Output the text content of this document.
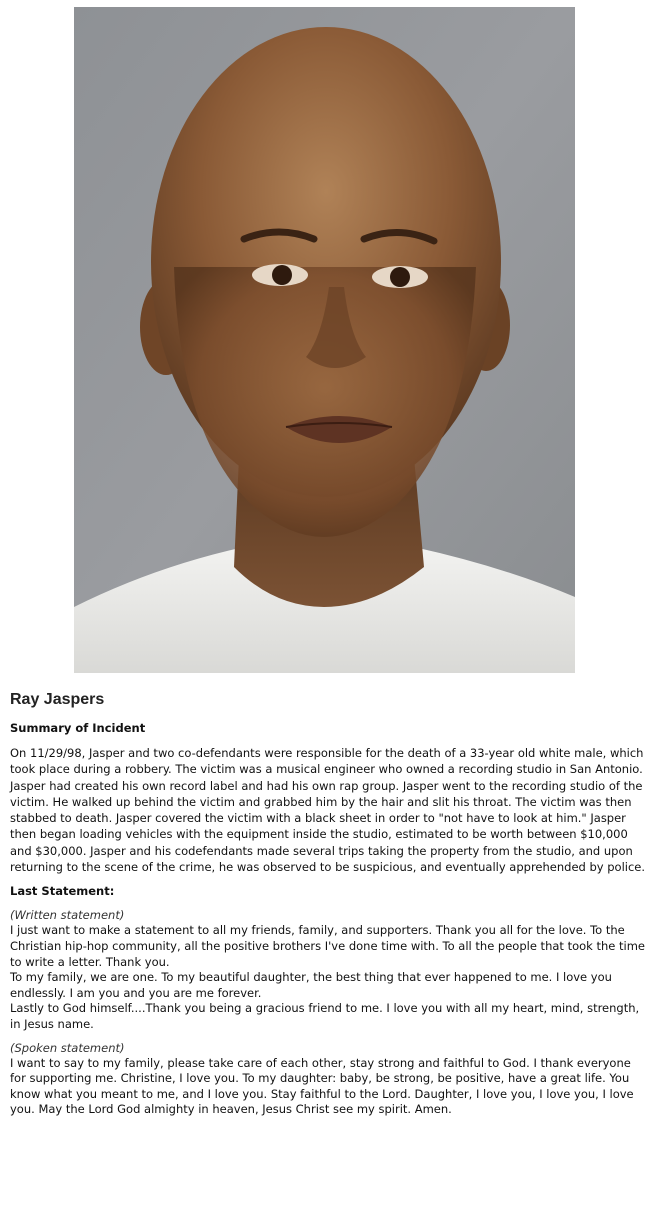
Ray Jaspers
Summary of Incident
On 11/29/98, Jasper and two co-defendants were responsible for the death of a 33-year old white male, which took place during a robbery. The victim was a musical engineer who owned a recording studio in San Antonio. Jasper had created his own record label and had his own rap group. Jasper went to the recording studio of the victim. He walked up behind the victim and grabbed him by the hair and slit his throat. The victim was then stabbed to death. Jasper covered the victim with a black sheet in order to "not have to look at him." Jasper then began loading vehicles with the equipment inside the studio, estimated to be worth between $10,000 and $30,000. Jasper and his codefendants made several trips taking the property from the studio, and upon returning to the scene of the crime, he was observed to be suspicious, and eventually apprehended by police.
Last Statement:
(Written statement)
I just want to make a statement to all my friends, family, and supporters. Thank you all for the love. To the Christian hip-hop community, all the positive brothers I've done time with. To all the people that took the time to write a letter. Thank you.
To my family, we are one. To my beautiful daughter, the best thing that ever happened to me. I love you endlessly. I am you and you are me forever.
Lastly to God himself....Thank you being a gracious friend to me. I love you with all my heart, mind, strength, in Jesus name.
(Spoken statement)
I want to say to my family, please take care of each other, stay strong and faithful to God. I thank everyone for supporting me. Christine, I love you. To my daughter: baby, be strong, be positive, have a great life. You know what you meant to me, and I love you. Stay faithful to the Lord. Daughter, I love you, I love you, I love you. May the Lord God almighty in heaven, Jesus Christ see my spirit. Amen.
